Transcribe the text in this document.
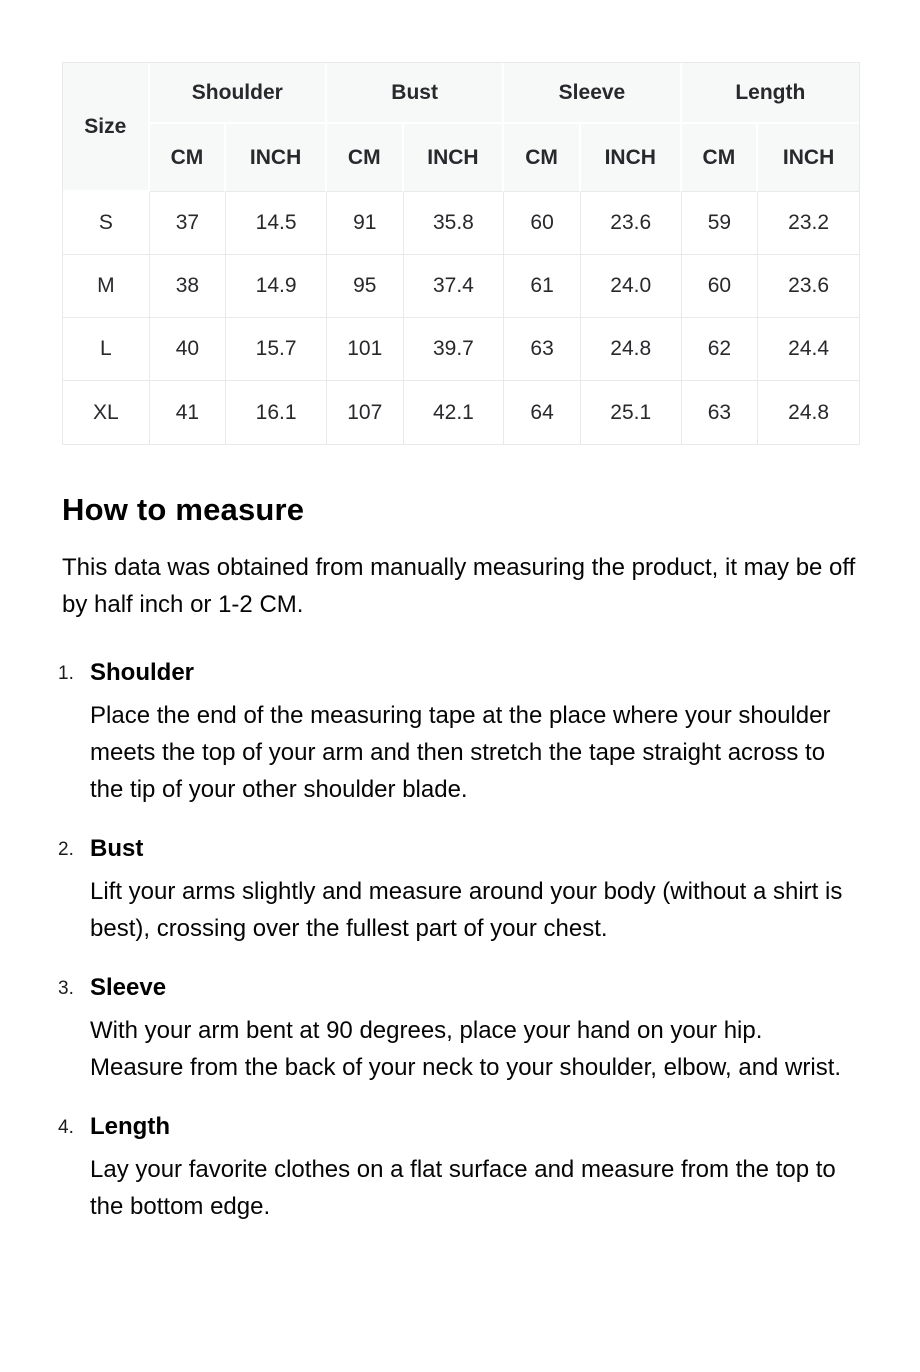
Size	Shoulder		Bust		Sleeve		Length	
	CM	INCH	CM	INCH	CM	INCH	CM	INCH
S	37	14.5	91	35.8	60	23.6	59	23.2
M	38	14.9	95	37.4	61	24.0	60	23.6
L	40	15.7	101	39.7	63	24.8	62	24.4
XL	41	16.1	107	42.1	64	25.1	63	24.8
How to measure

This data was obtained from manually measuring the product, it may be off by half inch or 1-2 CM.

1. Shoulder

Place the end of the measuring tape at the place where your shoulder meets the top of your arm and then stretch the tape straight across to the tip of your other shoulder blade.

2. Bust

Lift your arms slightly and measure around your body (without a shirt is best), crossing over the fullest part of your chest.

3. Sleeve

With your arm bent at 90 degrees, place your hand on your hip. Measure from the back of your neck to your shoulder, elbow, and wrist.

4. Length

Lay your favorite clothes on a flat surface and measure from the top to the bottom edge.
